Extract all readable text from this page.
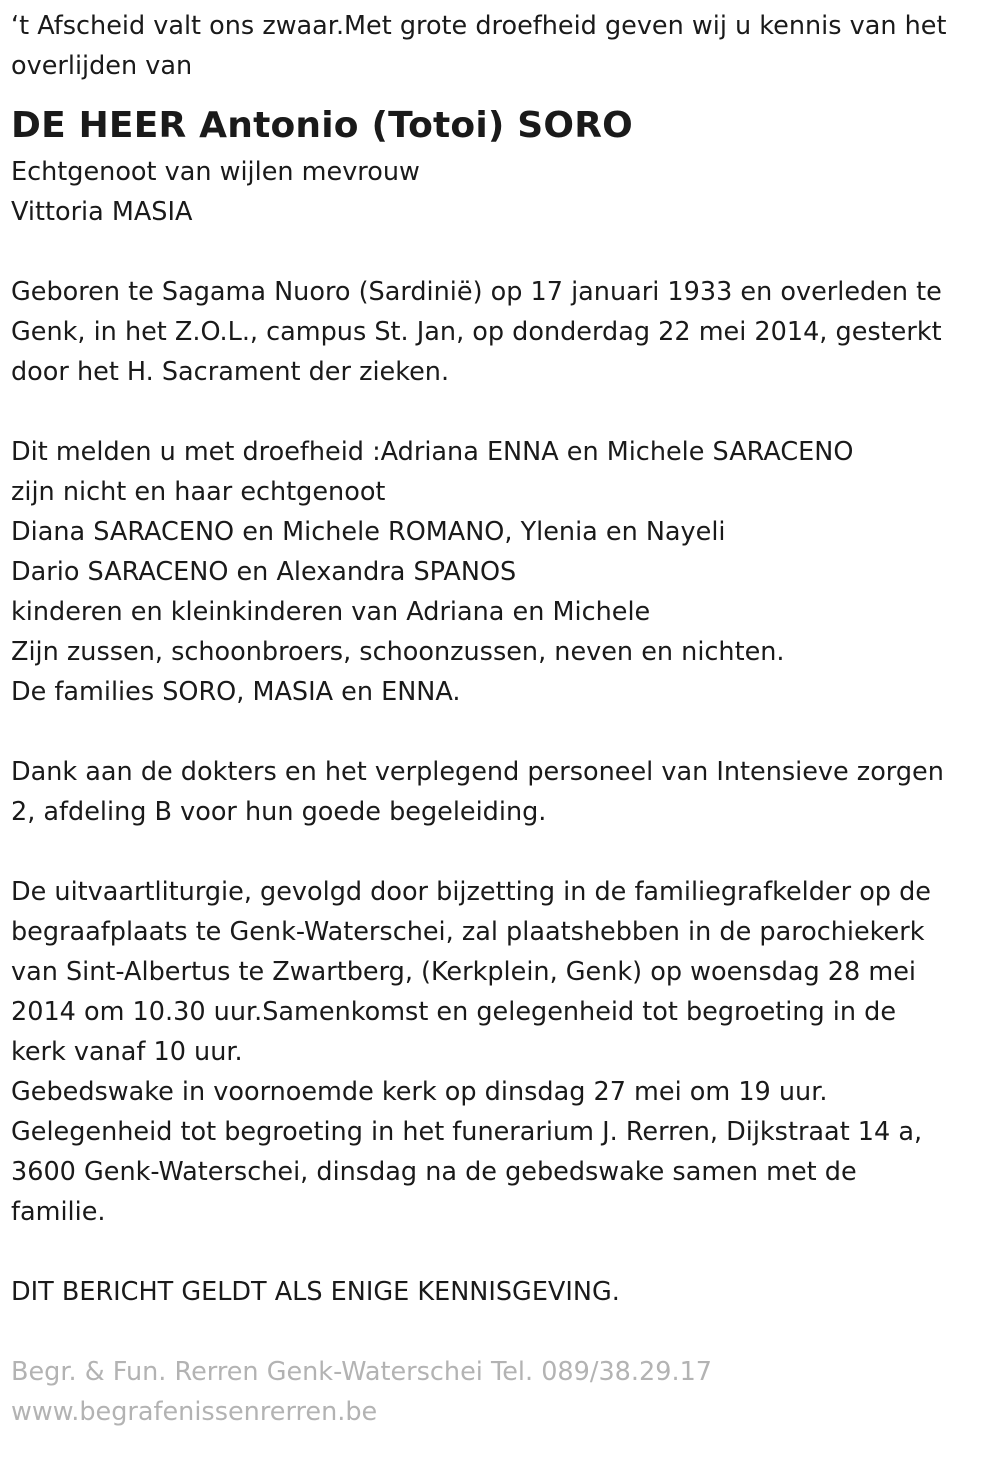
‘t Afscheid valt ons zwaar.Met grote droefheid geven wij u kennis van het
overlijden van
DE HEER Antonio (Totoi) SORO
Echtgenoot van wijlen mevrouw
Vittoria MASIA
Geboren te Sagama Nuoro (Sardinië) op 17 januari 1933 en overleden te
Genk, in het Z.O.L., campus St. Jan, op donderdag 22 mei 2014, gesterkt
door het H. Sacrament der zieken.
Dit melden u met droefheid :Adriana ENNA en Michele SARACENO
zijn nicht en haar echtgenoot
Diana SARACENO en Michele ROMANO, Ylenia en Nayeli
Dario SARACENO en Alexandra SPANOS
kinderen en kleinkinderen van Adriana en Michele
Zijn zussen, schoonbroers, schoonzussen, neven en nichten.
De families SORO, MASIA en ENNA.
Dank aan de dokters en het verplegend personeel van Intensieve zorgen
2, afdeling B voor hun goede begeleiding.
De uitvaartliturgie, gevolgd door bijzetting in de familiegrafkelder op de
begraafplaats te Genk-Waterschei, zal plaatshebben in de parochiekerk
van Sint-Albertus te Zwartberg, (Kerkplein, Genk) op woensdag 28 mei
2014 om 10.30 uur.Samenkomst en gelegenheid tot begroeting in de
kerk vanaf 10 uur.
Gebedswake in voornoemde kerk op dinsdag 27 mei om 19 uur.
Gelegenheid tot begroeting in het funerarium J. Rerren, Dijkstraat 14 a,
3600 Genk-Waterschei, dinsdag na de gebedswake samen met de
familie.
DIT BERICHT GELDT ALS ENIGE KENNISGEVING.
Begr. & Fun. Rerren Genk-Waterschei Tel. 089/38.29.17
www.begrafenissenrerren.be
